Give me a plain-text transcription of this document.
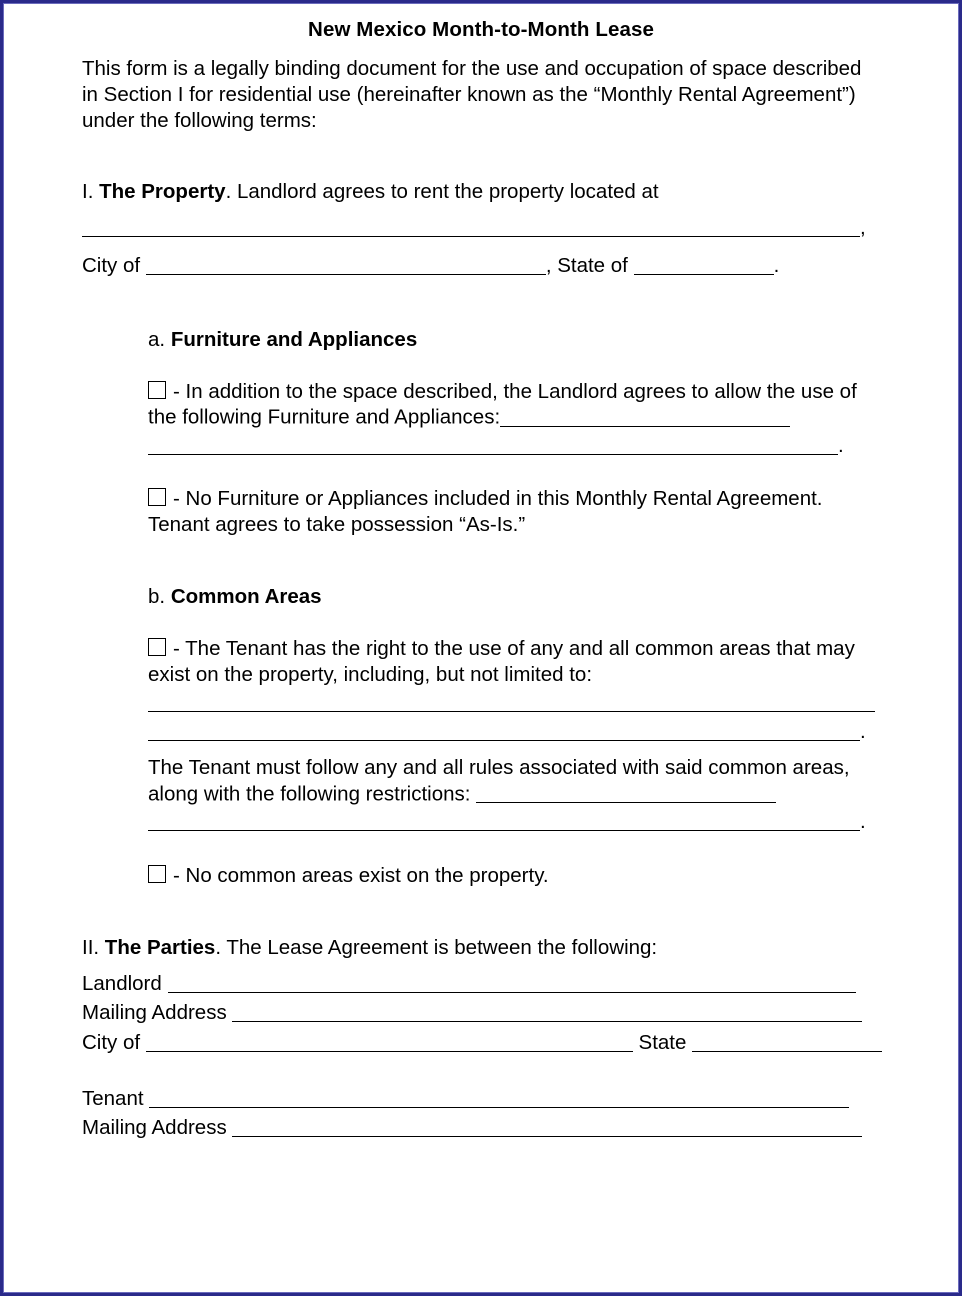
New Mexico Month-to-Month Lease

This form is a legally binding document for the use and occupation of space described in Section I for residential use (hereinafter known as the “Monthly Rental Agreement”) under the following terms:

I. The Property. Landlord agrees to rent the property located at

,
City of	, State of	.

a. Furniture and Appliances

- In addition to the space described, the Landlord agrees to allow the use of the following Furniture and Appliances:

.

- No Furniture or Appliances included in this Monthly Rental Agreement. Tenant agrees to take possession “As-Is.”

b. Common Areas

- The Tenant has the right to the use of any and all common areas that may exist on the property, including, but not limited to:

.

The Tenant must follow any and all rules associated with said common areas, along with the following restrictions:

.

- No common areas exist on the property.

II. The Parties. The Lease Agreement is between the following:

Landlord
Mailing Address
City of	State
Tenant
Mailing Address
